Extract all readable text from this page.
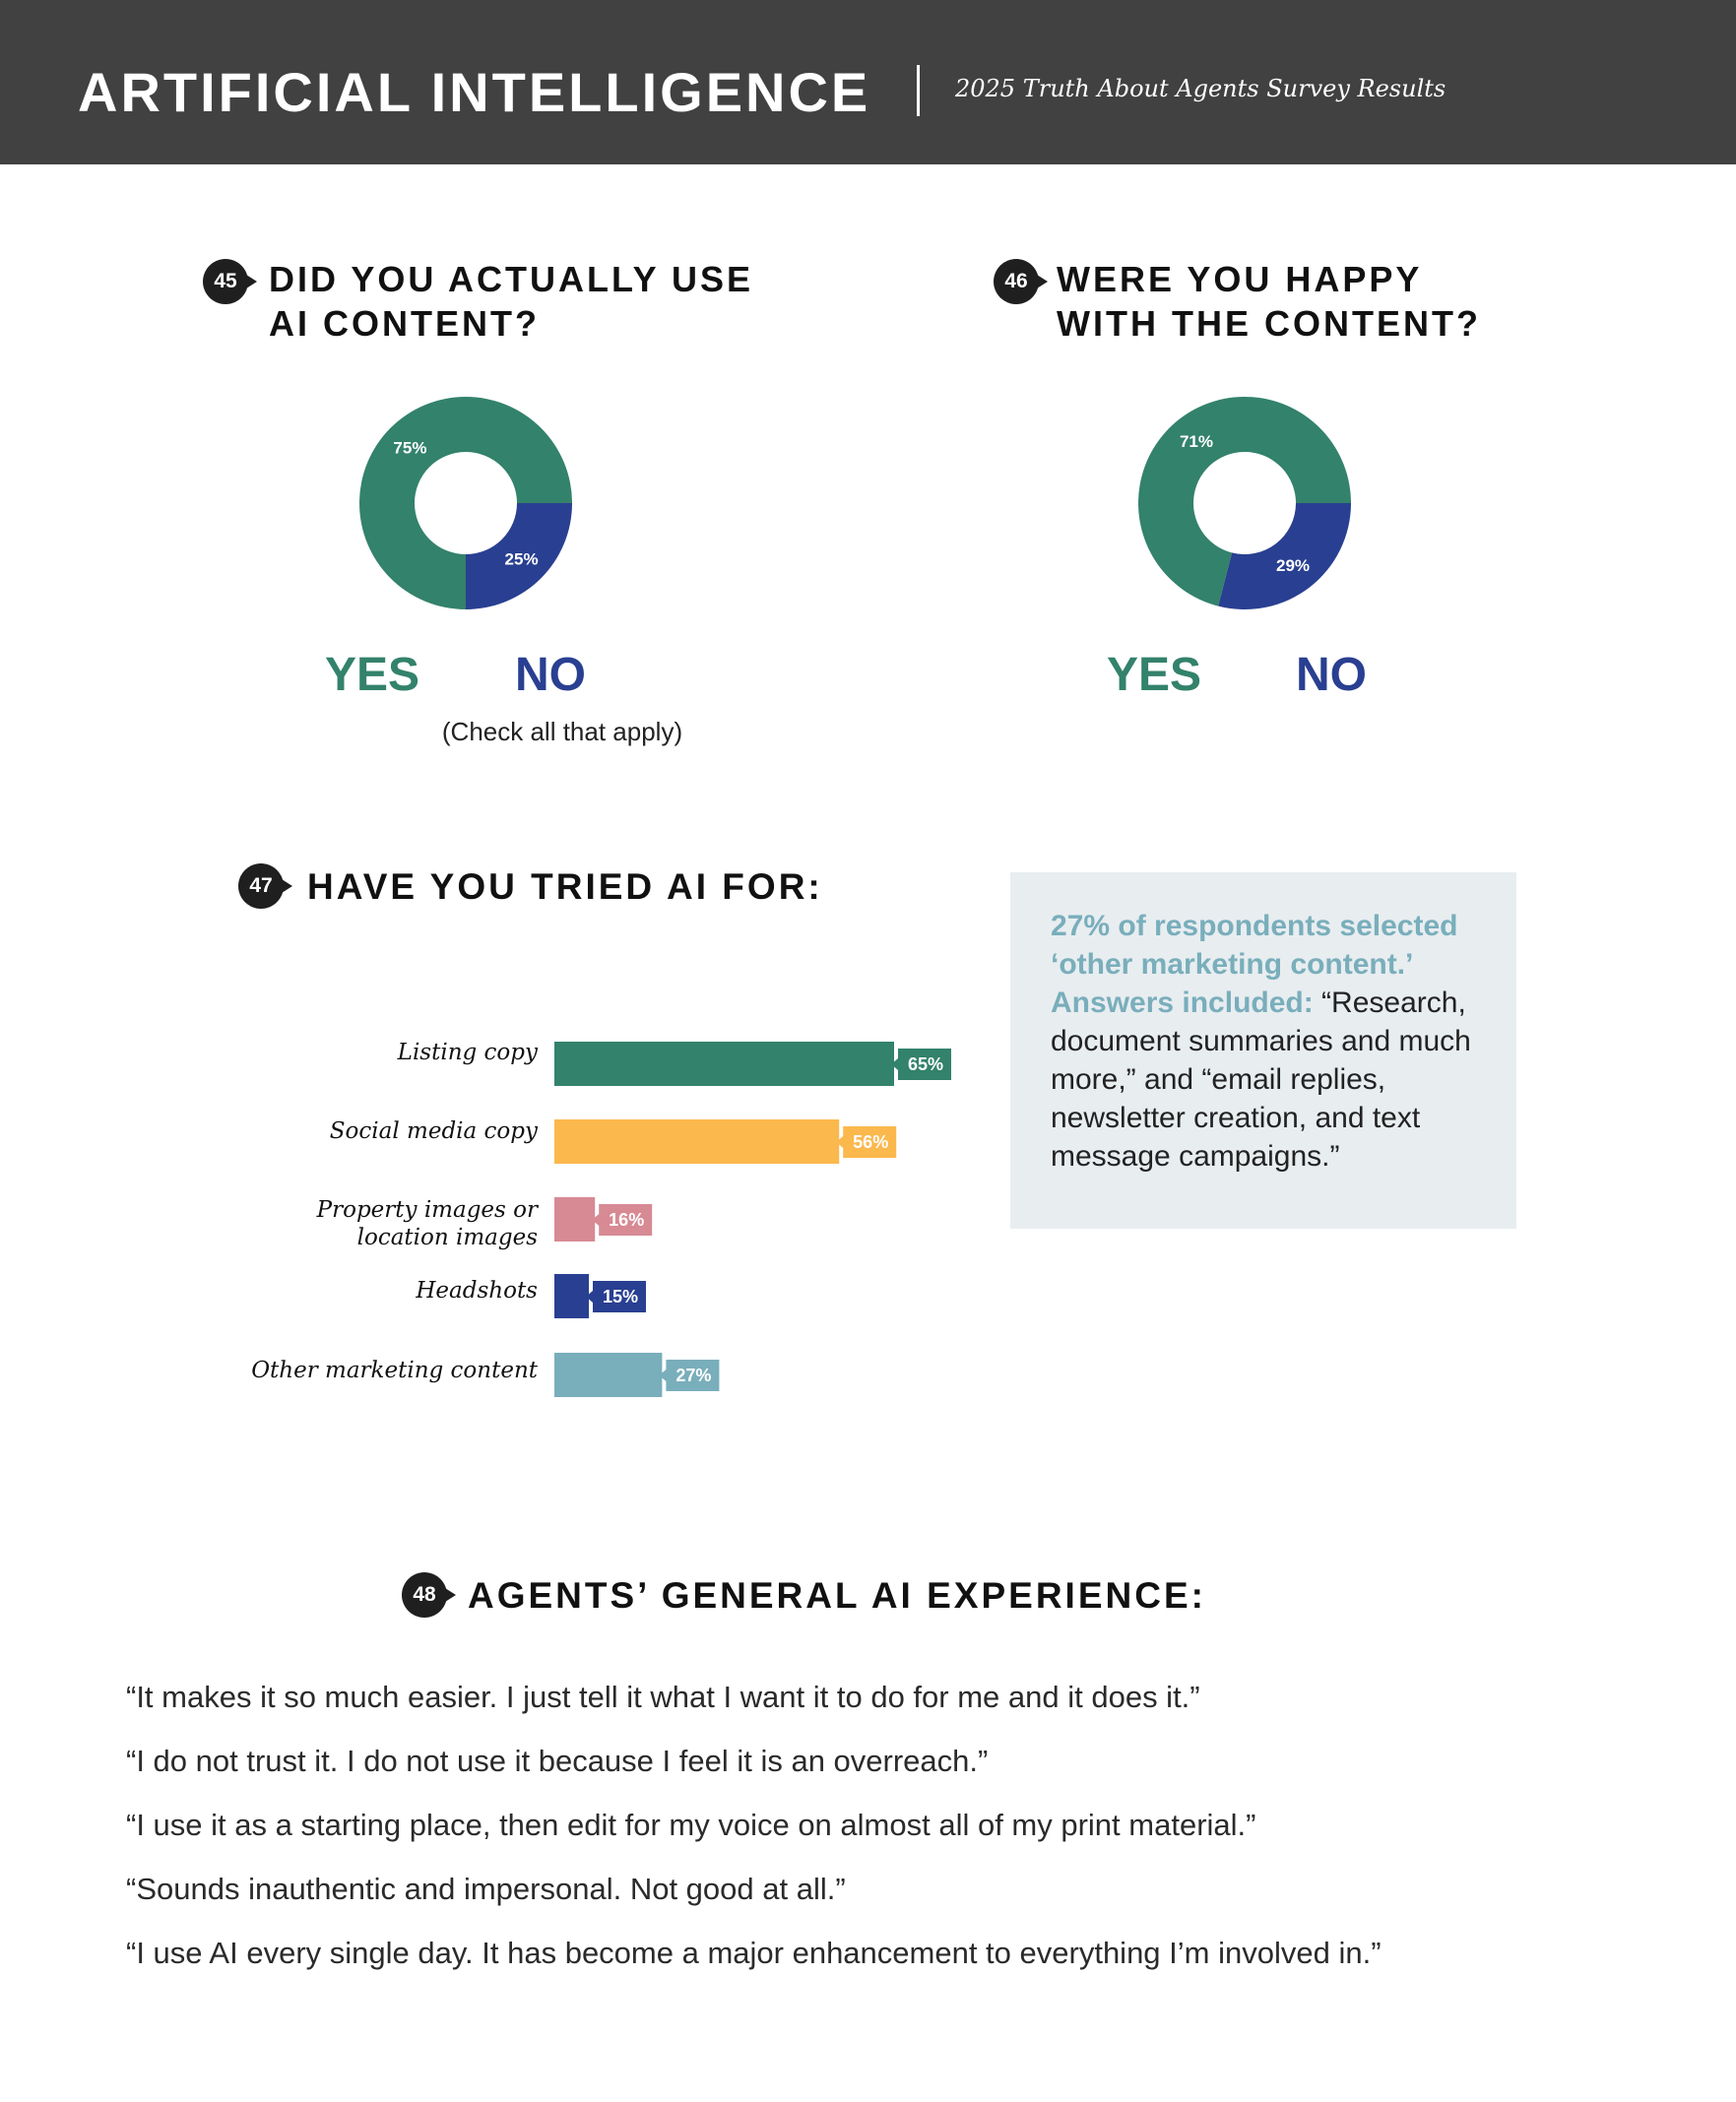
ARTIFICIAL INTELLIGENCE	2025 Truth About Agents Survey Results
45 DID YOU ACTUALLY USE
AI CONTENT?
25%
75%
YES NO
46 WERE YOU HAPPY
WITH THE CONTENT?
29%
71%
YES NO
47 HAVE YOU TRIED AI FOR:
(Check all that apply)
Listing copy
Social media copy
Property images or
location images
Headshots
Other marketing content
65%
56%
16%
15%
27%
27% of respondents selected ‘other marketing content.’ Answers included: “Research, document summaries and much more,” and “email replies, newsletter creation, and text message campaigns.”
48 AGENTS’ GENERAL AI EXPERIENCE:
“It makes it so much easier. I just tell it what I want it to do for me and it does it.”
“I do not trust it. I do not use it because I feel it is an overreach.”
“I use it as a starting place, then edit for my voice on almost all of my print material.”
“Sounds inauthentic and impersonal. Not good at all.”
“I use AI every single day. It has become a major enhancement to everything I’m involved in.”
